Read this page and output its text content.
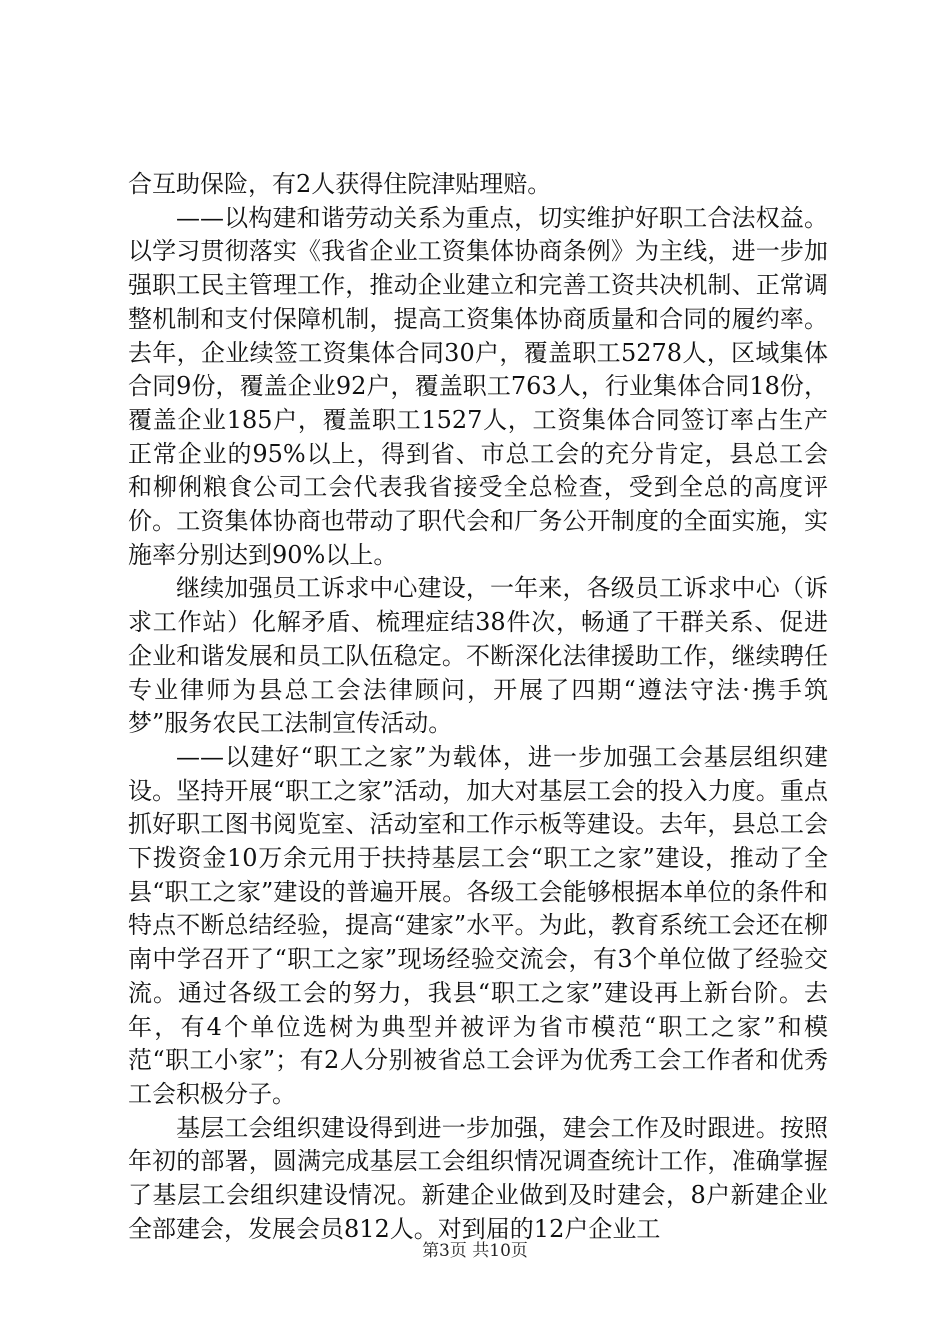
合互助保险，有2人获得住院津贴理赔。

——以构建和谐劳动关系为重点，切实维护好职工合法权益。以学习贯彻落实《我省企业工资集体协商条例》为主线，进一步加强职工民主管理工作，推动企业建立和完善工资共决机制、正常调整机制和支付保障机制，提高工资集体协商质量和合同的履约率。去年，企业续签工资集体合同30户，覆盖职工5278人，区域集体合同9份，覆盖企业92户，覆盖职工763人，行业集体合同18份，覆盖企业185户，覆盖职工1527人，工资集体合同签订率占生产正常企业的95%以上，得到省、市总工会的充分肯定，县总工会和柳俐粮食公司工会代表我省接受全总检查，受到全总的高度评价。工资集体协商也带动了职代会和厂务公开制度的全面实施，实施率分别达到90%以上。

继续加强员工诉求中心建设，一年来，各级员工诉求中心（诉求工作站）化解矛盾、梳理症结38件次，畅通了干群关系、促进企业和谐发展和员工队伍稳定。不断深化法律援助工作，继续聘任专业律师为县总工会法律顾问，开展了四期“遵法守法·携手筑梦”服务农民工法制宣传活动。

——以建好“职工之家”为载体，进一步加强工会基层组织建设。坚持开展“职工之家”活动，加大对基层工会的投入力度。重点抓好职工图书阅览室、活动室和工作示板等建设。去年，县总工会下拨资金10万余元用于扶持基层工会“职工之家”建设，推动了全县“职工之家”建设的普遍开展。各级工会能够根据本单位的条件和特点不断总结经验，提高“建家”水平。为此，教育系统工会还在柳南中学召开了“职工之家”现场经验交流会，有3个单位做了经验交流。通过各级工会的努力，我县“职工之家”建设再上新台阶。去年，有4个单位选树为典型并被评为省市模范“职工之家”和模范“职工小家”；有2人分别被省总工会评为优秀工会工作者和优秀工会积极分子。

基层工会组织建设得到进一步加强，建会工作及时跟进。按照年初的部署，圆满完成基层工会组织情况调查统计工作，准确掌握了基层工会组织建设情况。新建企业做到及时建会，8户新建企业全部建会，发展会员812人。对到届的12户企业工

第3页 共10页
